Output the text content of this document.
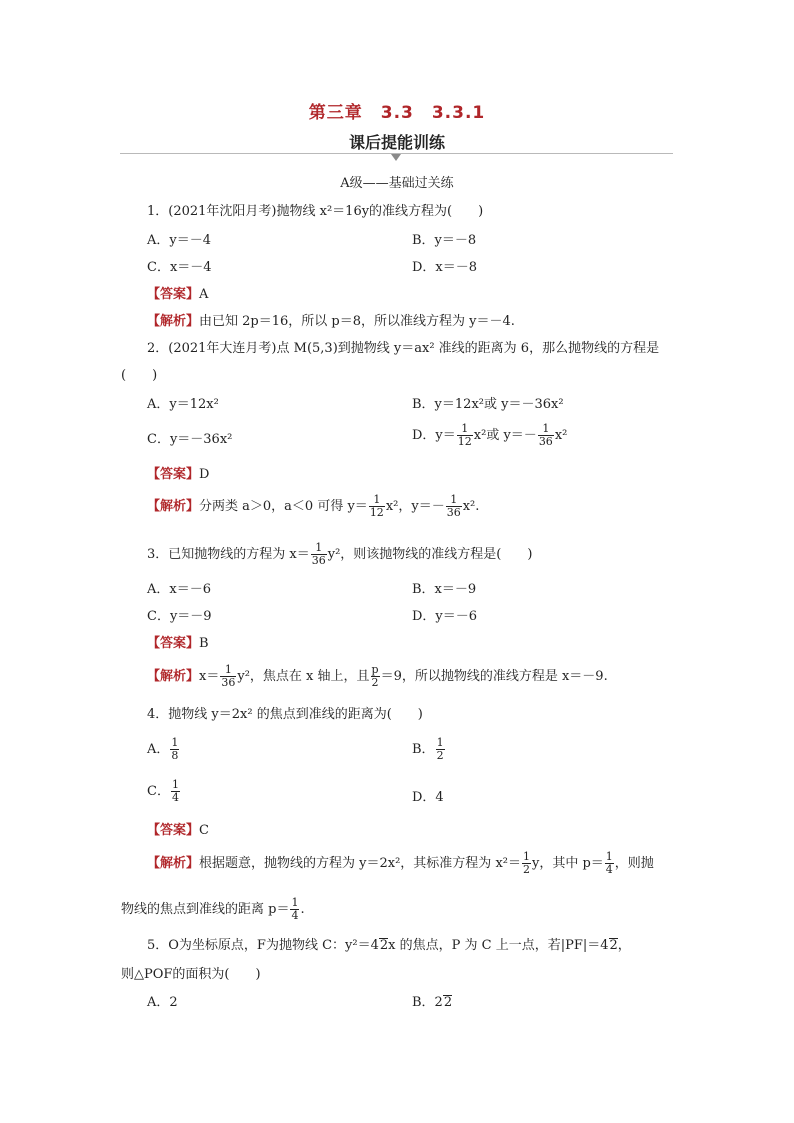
第三章　3.3　3.3.1
课后提能训练
A级——基础过关练
1．(2021年沈阳月考)抛物线 x²＝16y的准线方程为(　　)
A．y＝－4	B．y＝－8
C．x＝－4	D．x＝－8
【答案】A
【解析】由已知 2p＝16，所以 p＝8，所以准线方程为 y＝－4.
2．(2021年大连月考)点 M(5,3)到抛物线 y＝ax² 准线的距离为 6，那么抛物线的方程是
(　　)
A．y＝12x²	B．y＝12x²或 y＝－36x²
C．y＝－36x²	D．$y= \frac{1}{12} x^2$或 $y=- \frac{1}{36} x^2$
【答案】D
【解析】分两类 a＞0，a＜0 可得 $y= \frac{1}{12} x^2$，$y=- \frac{1}{36} x^2$.
3．已知抛物线的方程为 $x= \frac{1}{36} y^2$，则该抛物线的准线方程是(　　)
A．x＝－6	B．x＝－9
C．y＝－9	D．y＝－6
【答案】B
【解析】$x= \frac{1}{36} y^2$，焦点在 x 轴上，且 $\frac{p}{2} =9$，所以抛物线的准线方程是 x＝－9.
4．抛物线 y＝2x² 的焦点到准线的距离为(　　)
A． $\frac{1}{8}$	B． $\frac{1}{2}$
C． $\frac{1}{4}$	D．4
【答案】C
【解析】根据题意，抛物线的方程为 y＝2x²，其标准方程为 $x^2= \frac{1}{2}$ y，其中 $p= \frac{1}{4}$ ，则抛
物线的焦点到准线的距离 $p= \frac{1}{4}$ .
5．O为坐标原点，F为抛物线 C：y²＝42x 的焦点，P 为 C 上一点，若|PF|＝42，
则△POF的面积为(　　)
A．2	B．22
